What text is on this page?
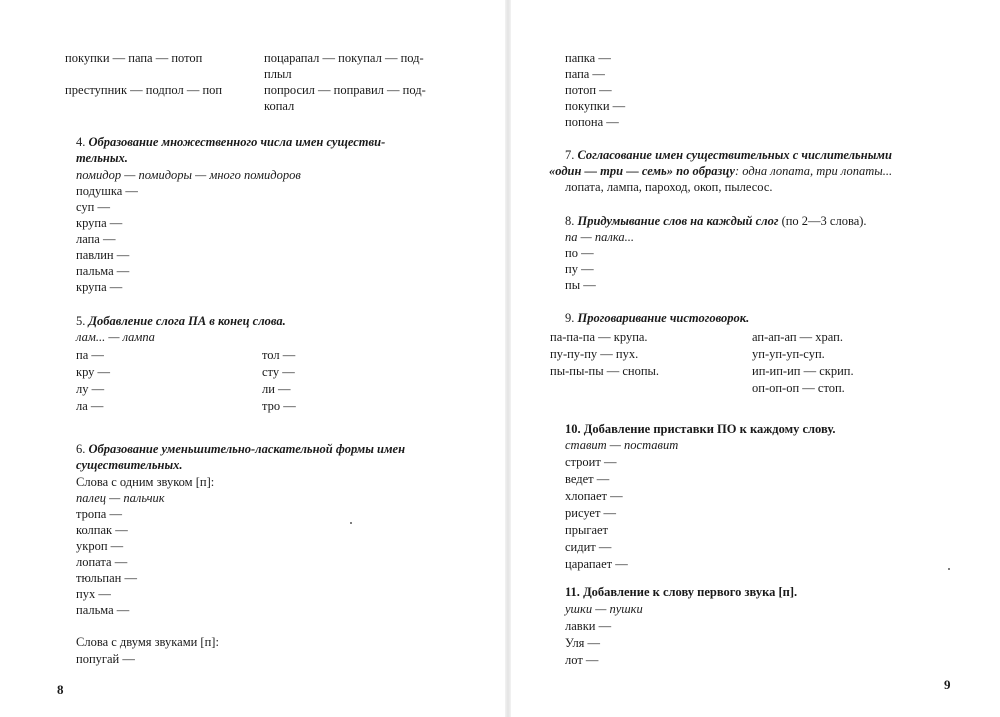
покупки — папа — потоп
преступник — подпол — поп
поцарапал — покупал — под-
плыл
попросил — поправил — под-
копал
4. Образование множественного числа имен существи-
тельных.
помидор — помидоры — много помидоров
подушка —
суп —
крупа —
лапа —
павлин —
пальма —
крупа —
5. Добавление слога ПА в конец слова.
лам... — лампа
па —
кру —
лу —
ла —
тол —
сту —
ли —
тро —
6. Образование уменьшительно-ласкательной формы имен
существительных.
Слова с одним звуком [п]:
палец — пальчик
тропа —
колпак —
укроп —
лопата —
тюльпан —
пух —
пальма —
Слова с двумя звуками [п]:
попугай —
8
папка —
папа —
потоп —
покупки —
попона —
7. Согласование имен существительных с числительными
«один — три — семь» по образцу: одна лопата, три лопаты...
лопата, лампа, пароход, окоп, пылесос.
8. Придумывание слов на каждый слог (по 2—3 слова).
па — палка...
по —
пу —
пы —
9. Проговаривание чистоговорок.
па-па-па — крупа.
пу-пу-пу — пух.
пы-пы-пы — снопы.
ап-ап-ап — храп.
уп-уп-уп-суп.
ип-ип-ип — скрип.
оп-оп-оп — стоп.
10. Добавление приставки ПО к каждому слову.
ставит — поставит
строит —
ведет —
хлопает —
рисует —
прыгает
сидит —
царапает —
11. Добавление к слову первого звука [п].
ушки — пушки
лавки —
Уля —
лот —
9
